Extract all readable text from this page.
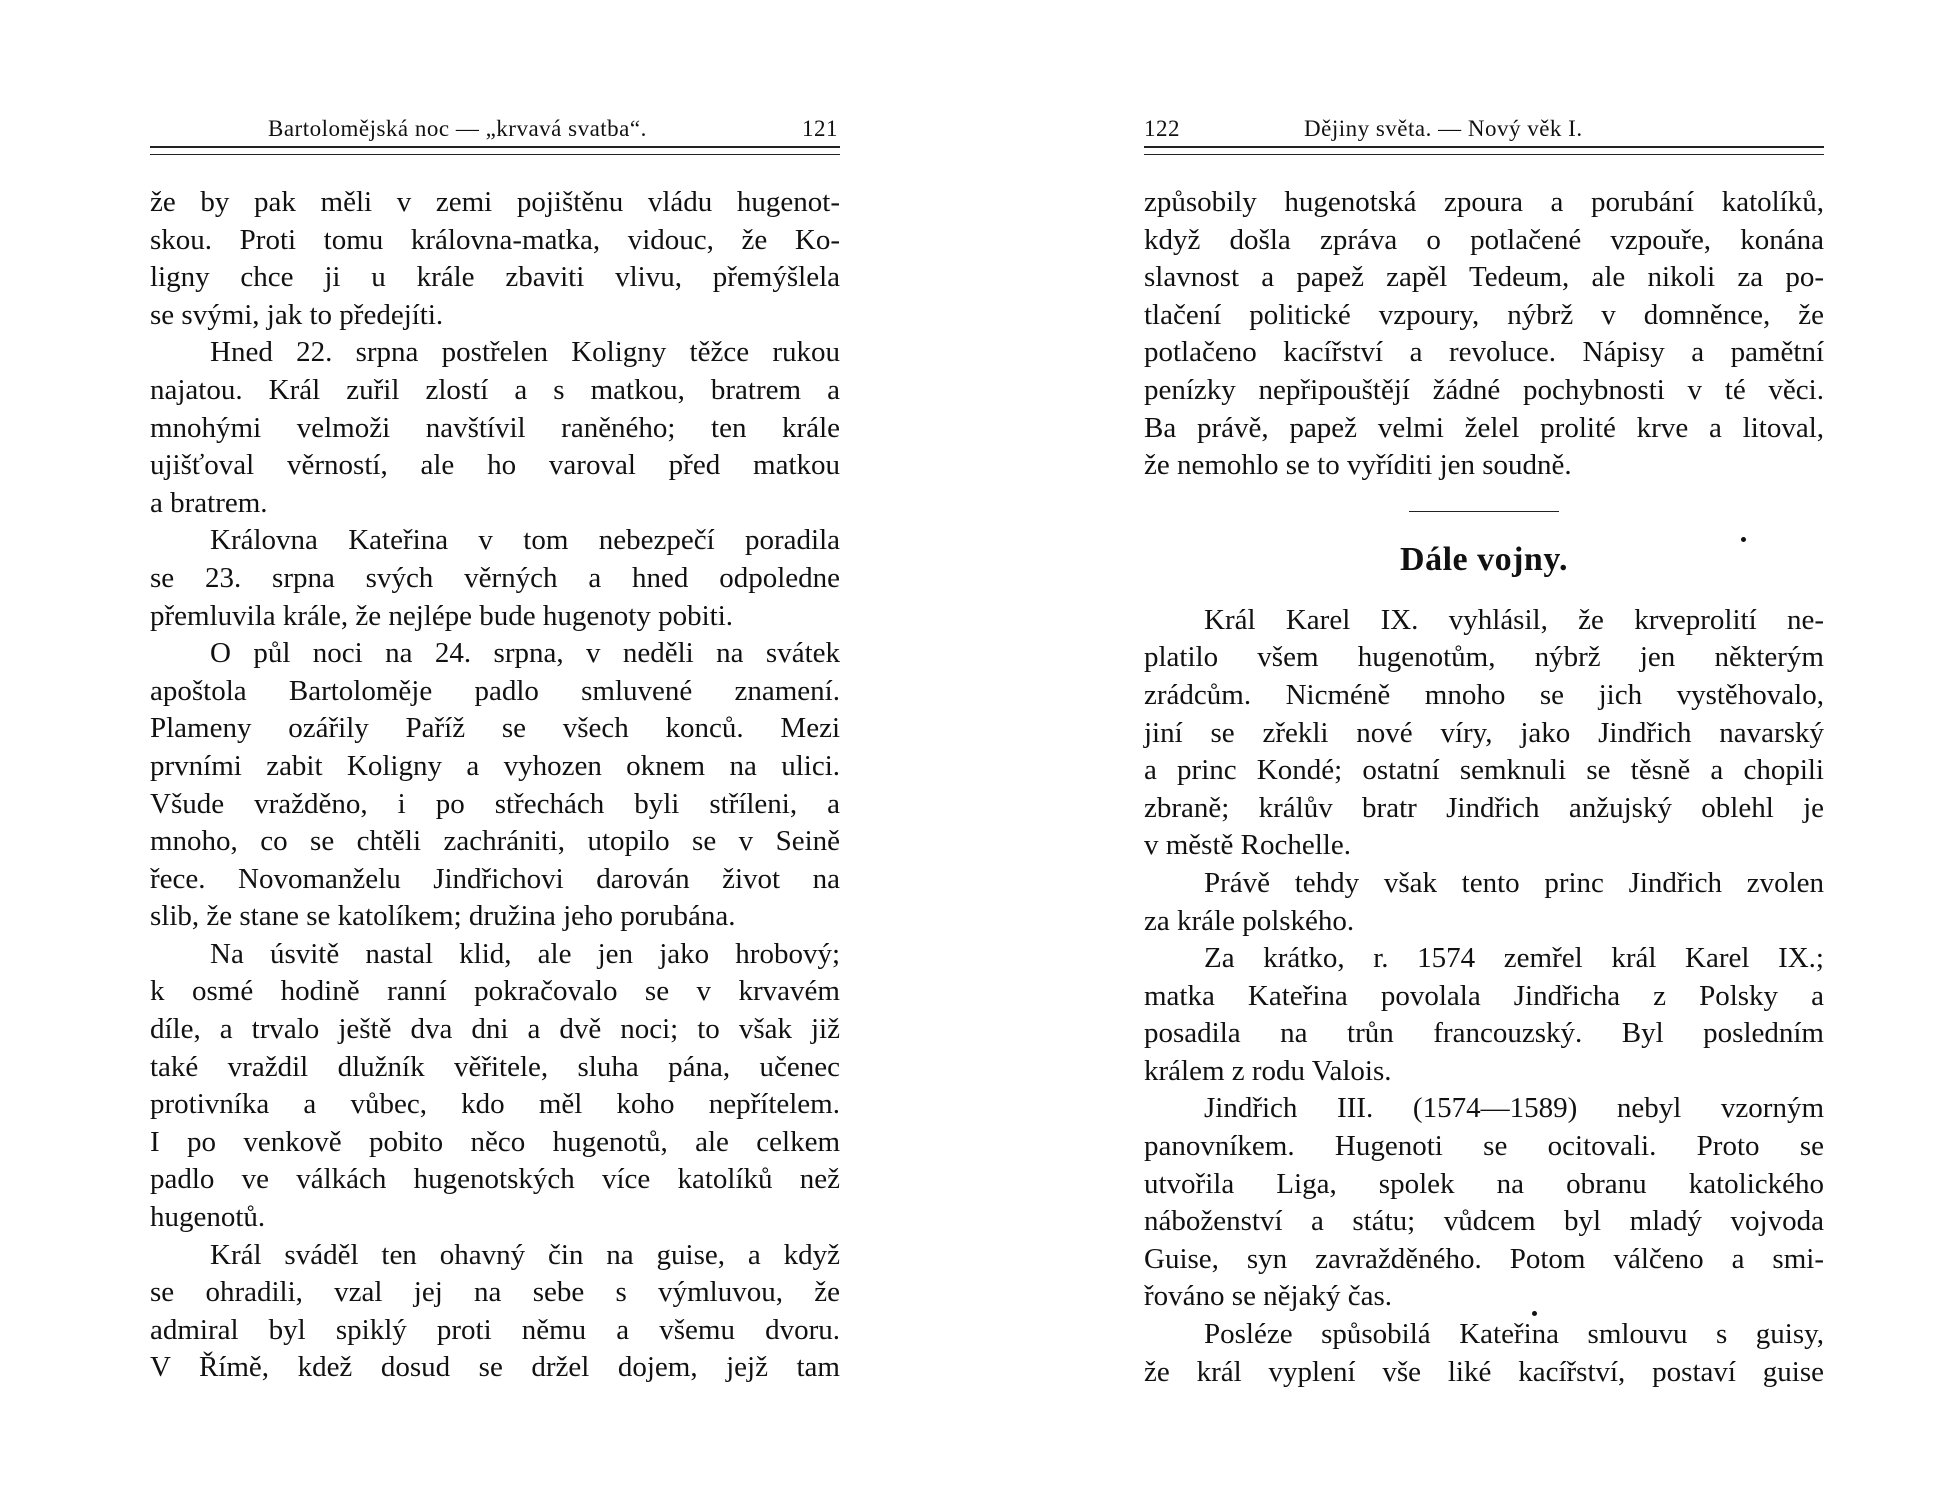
Bartolomějská noc — „krvavá svatba“.	121
že by pak měli v zemi pojištěnu vládu hugenot-
skou. Proti tomu královna-matka, vidouc, že Ko-
ligny chce ji u krále zbaviti vlivu, přemýšlela
se svými, jak to předejíti.
Hned 22. srpna postřelen Koligny těžce rukou
najatou. Král zuřil zlostí a s matkou, bratrem a
mnohými velmoži navštívil raněného; ten krále
ujišťoval věrností, ale ho varoval před matkou
a bratrem.
Královna Kateřina v tom nebezpečí poradila
se 23. srpna svých věrných a hned odpoledne
přemluvila krále, že nejlépe bude hugenoty pobiti.
O půl noci na 24. srpna, v neděli na svátek
apoštola Bartoloměje padlo smluvené znamení.
Plameny ozářily Paříž se všech konců. Mezi
prvními zabit Koligny a vyhozen oknem na ulici.
Všude vražděno, i po střechách byli stříleni, a
mnoho, co se chtěli zachrániti, utopilo se v Seině
řece. Novomanželu Jindřichovi darován život na
slib, že stane se katolíkem; družina jeho porubána.
Na úsvitě nastal klid, ale jen jako hrobový;
k osmé hodině ranní pokračovalo se v krvavém
díle, a trvalo ještě dva dni a dvě noci; to však již
také vraždil dlužník věřitele, sluha pána, učenec
protivníka a vůbec, kdo měl koho nepřítelem.
I po venkově pobito něco hugenotů, ale celkem
padlo ve válkách hugenotských více katolíků než
hugenotů.
Král sváděl ten ohavný čin na guise, a když
se ohradili, vzal jej na sebe s výmluvou, že
admiral byl spiklý proti němu a všemu dvoru.
V Římě, kdež dosud se držel dojem, jejž tam
122	Dějiny světa. — Nový věk I.
způsobily hugenotská zpoura a porubání katolíků,
když došla zpráva o potlačené vzpouře, konána
slavnost a papež zapěl Tedeum, ale nikoli za po-
tlačení politické vzpoury, nýbrž v domněnce, že
potlačeno kacířství a revoluce. Nápisy a pamětní
penízky nepřipouštějí žádné pochybnosti v té věci.
Ba právě, papež velmi želel prolité krve a litoval,
že nemohlo se to vyříditi jen soudně.
Dále vojny.
Král Karel IX. vyhlásil, že krveprolití ne-
platilo všem hugenotům, nýbrž jen některým
zrádcům. Nicméně mnoho se jich vystěhovalo,
jiní se zřekli nové víry, jako Jindřich navarský
a princ Kondé; ostatní semknuli se těsně a chopili
zbraně; králův bratr Jindřich anžujský oblehl je
v městě Rochelle.
Právě tehdy však tento princ Jindřich zvolen
za krále polského.
Za krátko, r. 1574 zemřel král Karel IX.;
matka Kateřina povolala Jindřicha z Polsky a
posadila na trůn francouzský. Byl posledním
králem z rodu Valois.
Jindřich III. (1574—1589) nebyl vzorným
panovníkem. Hugenoti se ocitovali. Proto se
utvořila Liga, spolek na obranu katolického
náboženství a státu; vůdcem byl mladý vojvoda
Guise, syn zavražděného. Potom válčeno a smi-
řováno se nějaký čas.
Posléze spůsobilá Kateřina smlouvu s guisy,
že král vyplení vše liké kacířství, postaví guise
